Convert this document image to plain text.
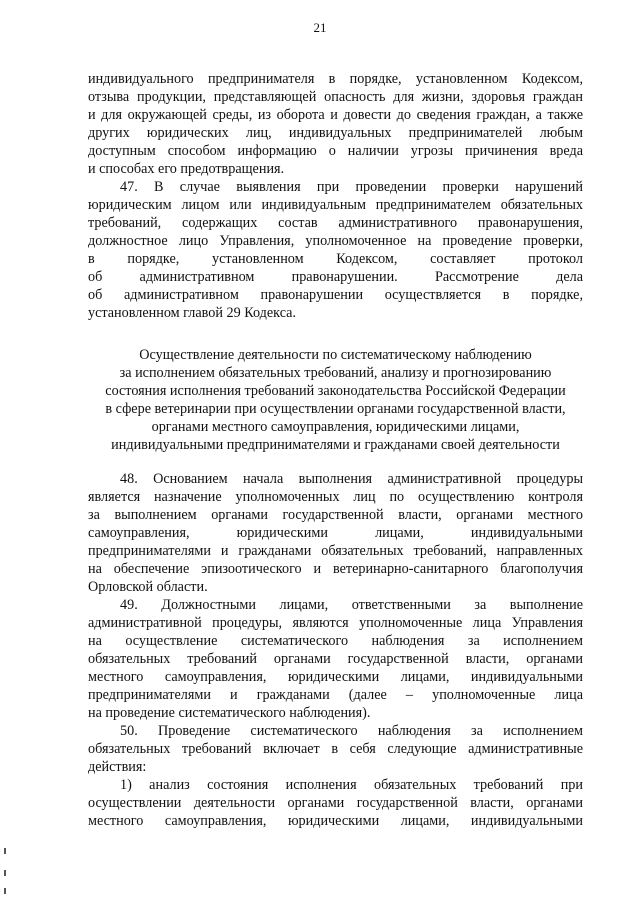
21
индивидуального предпринимателя в порядке, установленном Кодексом,
отзыва продукции, представляющей опасность для жизни, здоровья граждан
и для окружающей среды, из оборота и довести до сведения граждан, а также
других юридических лиц, индивидуальных предпринимателей любым
доступным способом информацию о наличии угрозы причинения вреда
и способах его предотвращения.
47. В случае выявления при проведении проверки нарушений
юридическим лицом или индивидуальным предпринимателем обязательных
требований, содержащих состав административного правонарушения,
должностное лицо Управления, уполномоченное на проведение проверки,
в порядке, установленном Кодексом, составляет протокол
об административном правонарушении. Рассмотрение дела
об административном правонарушении осуществляется в порядке,
установленном главой 29 Кодекса.
Осуществление деятельности по систематическому наблюдению
за исполнением обязательных требований, анализу и прогнозированию
состояния исполнения требований законодательства Российской Федерации
в сфере ветеринарии при осуществлении органами государственной власти,
органами местного самоуправления, юридическими лицами,
индивидуальными предпринимателями и гражданами своей деятельности
48. Основанием начала выполнения административной процедуры
является назначение уполномоченных лиц по осуществлению контроля
за выполнением органами государственной власти, органами местного
самоуправления, юридическими лицами, индивидуальными
предпринимателями и гражданами обязательных требований, направленных
на обеспечение эпизоотического и ветеринарно-санитарного благополучия
Орловской области.
49. Должностными лицами, ответственными за выполнение
административной процедуры, являются уполномоченные лица Управления
на осуществление систематического наблюдения за исполнением
обязательных требований органами государственной власти, органами
местного самоуправления, юридическими лицами, индивидуальными
предпринимателями и гражданами (далее – уполномоченные лица
на проведение систематического наблюдения).
50. Проведение систематического наблюдения за исполнением
обязательных требований включает в себя следующие административные
действия:
1) анализ состояния исполнения обязательных требований при
осуществлении деятельности органами государственной власти, органами
местного самоуправления, юридическими лицами, индивидуальными
